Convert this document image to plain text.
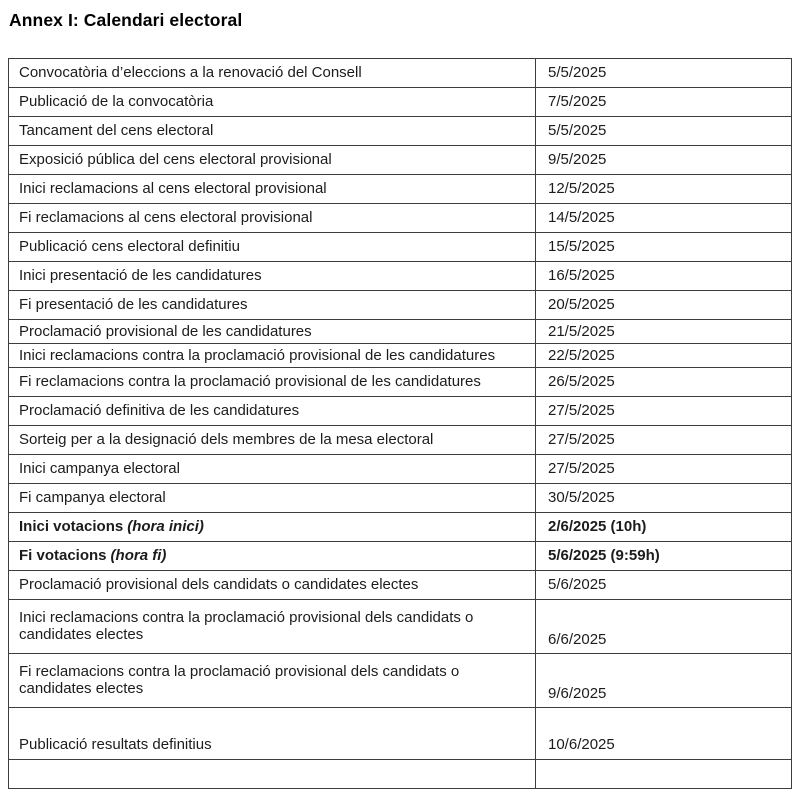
Annex I: Calendari electoral
Convocatòria d’eleccions a la renovació del Consell	5/5/2025
Publicació de la convocatòria	7/5/2025
Tancament del cens electoral	5/5/2025
Exposició pública del cens electoral provisional	9/5/2025
Inici reclamacions al cens electoral provisional	12/5/2025
Fi reclamacions al cens electoral provisional	14/5/2025
Publicació cens electoral definitiu	15/5/2025
Inici presentació de les candidatures	16/5/2025
Fi presentació de les candidatures	20/5/2025
Proclamació provisional de les candidatures	21/5/2025
Inici reclamacions contra la proclamació provisional de les candidatures	22/5/2025
Fi reclamacions contra la proclamació provisional de les candidatures	26/5/2025
Proclamació definitiva de les candidatures	27/5/2025
Sorteig per a la designació dels membres de la mesa electoral	27/5/2025
Inici campanya electoral	27/5/2025
Fi campanya electoral	30/5/2025
Inici votacions (hora inici)	2/6/2025 (10h)
Fi votacions (hora fi)	5/6/2025 (9:59h)
Proclamació provisional dels candidats o candidates electes	5/6/2025
Inici reclamacions contra la proclamació provisional dels candidats o candidates electes	6/6/2025
Fi reclamacions contra la proclamació provisional dels candidats o candidates electes	9/6/2025
Publicació resultats definitius	10/6/2025
